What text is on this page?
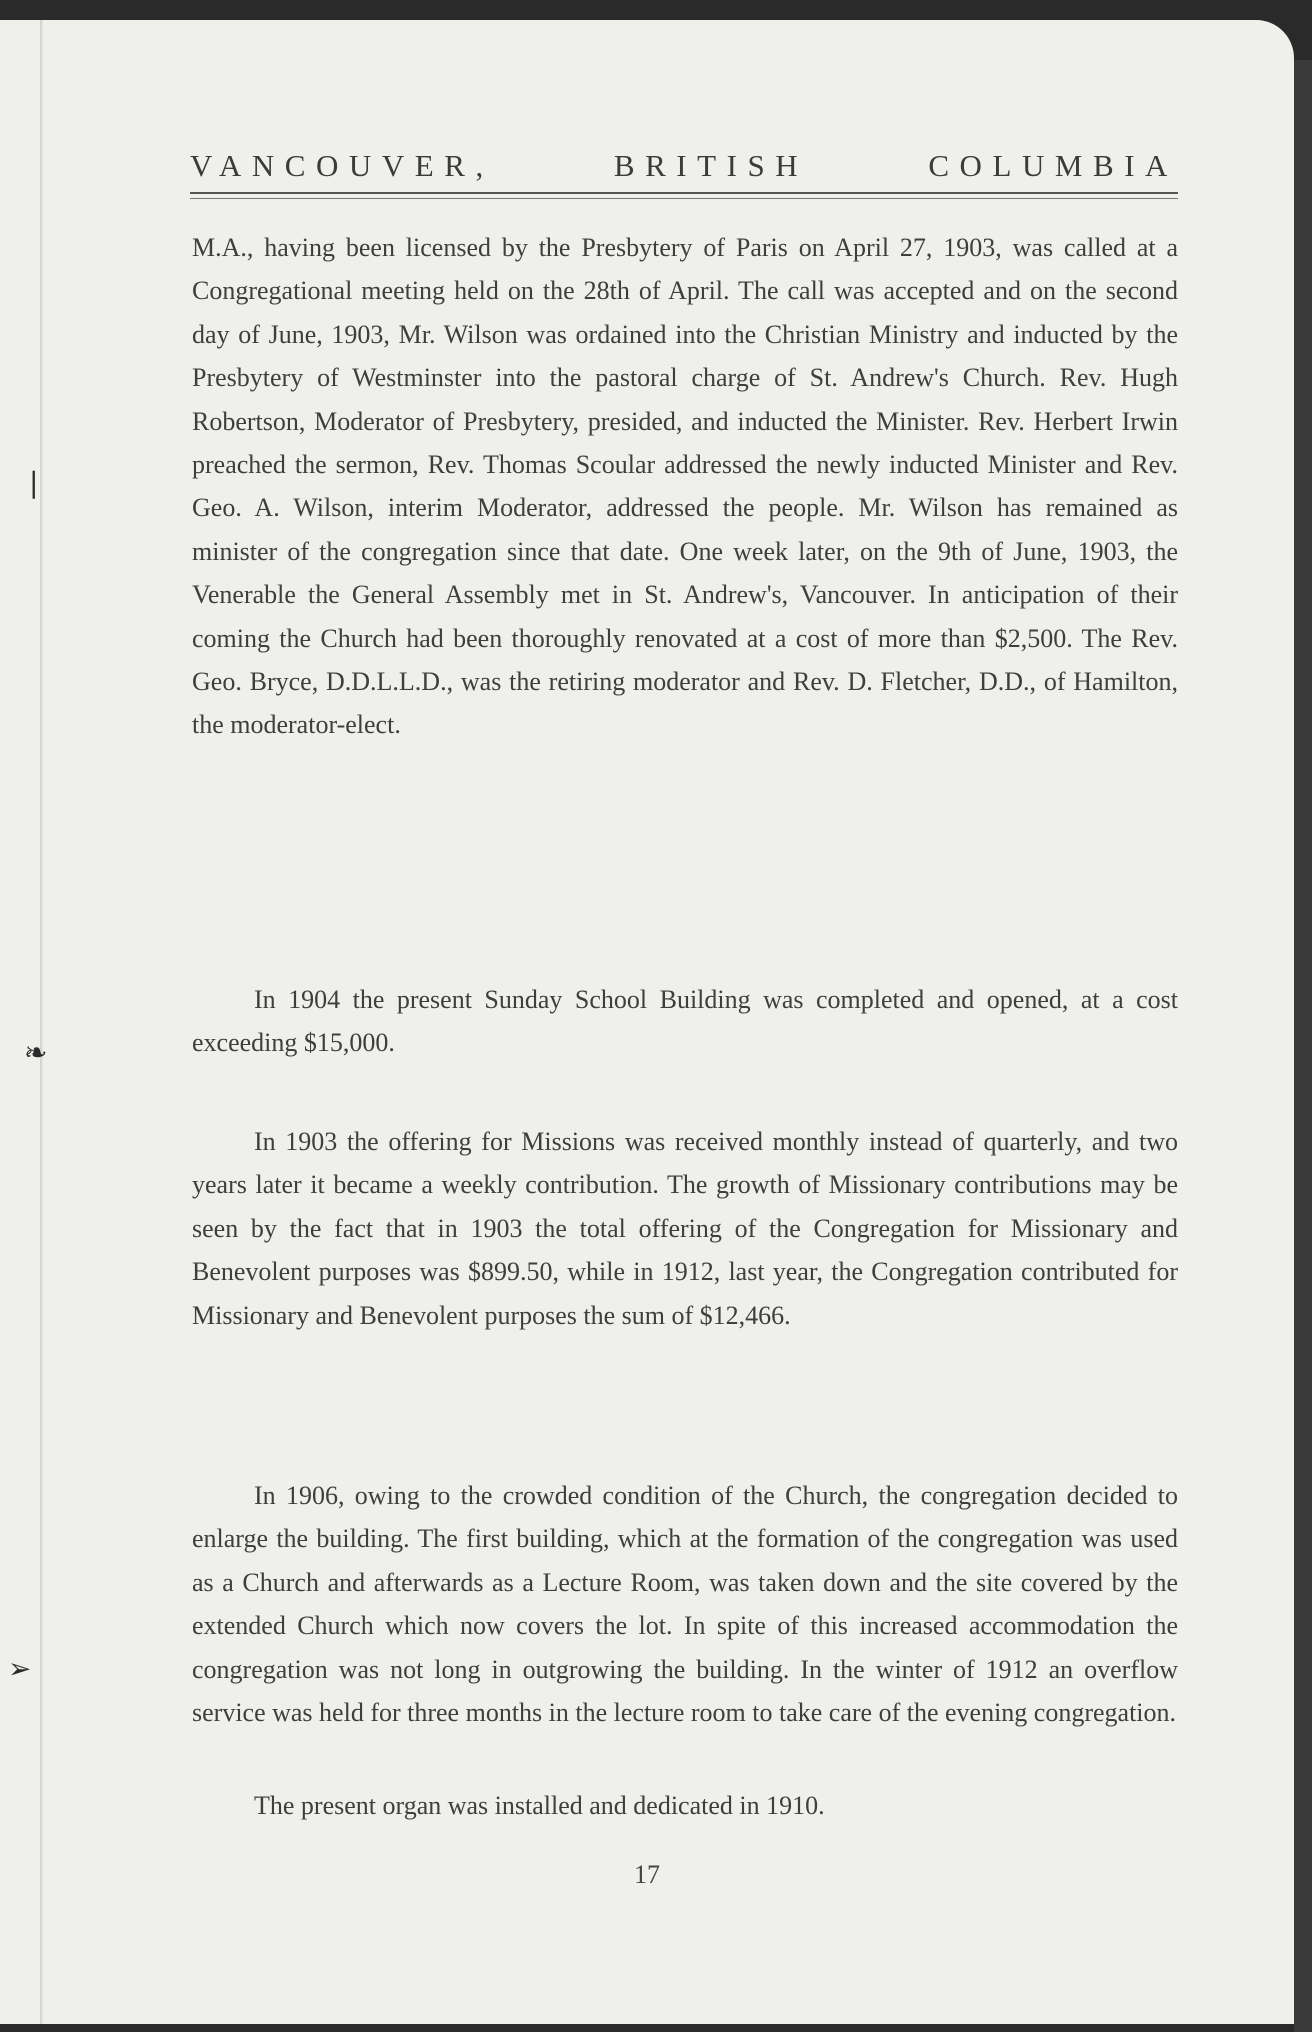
VANCOUVER,	BRITISH	COLUMBIA

M.A., having been licensed by the Presbytery of Paris on April 27, 1903, was called at a Congregational meeting held on the 28th of April. The call was accepted and on the second day of June, 1903, Mr. Wilson was ordained into the Christian Ministry and inducted by the Presbytery of Westminster into the pastoral charge of St. Andrew's Church. Rev. Hugh Robertson, Moderator of Presbytery, presided, and inducted the Minister. Rev. Herbert Irwin preached the sermon, Rev. Thomas Scoular addressed the newly inducted Minister and Rev. Geo. A. Wilson, interim Moderator, addressed the people. Mr. Wilson has remained as minister of the congregation since that date. One week later, on the 9th of June, 1903, the Venerable the General Assembly met in St. Andrew's, Vancouver. In anticipation of their coming the Church had been thoroughly renovated at a cost of more than $2,500. The Rev. Geo. Bryce, D.D.L.L.D., was the retiring moderator and Rev. D. Fletcher, D.D., of Hamilton, the moderator-elect.

In 1904 the present Sunday School Building was completed and opened, at a cost exceeding $15,000.

In 1903 the offering for Missions was received monthly instead of quarterly, and two years later it became a weekly contribution. The growth of Missionary contributions may be seen by the fact that in 1903 the total offering of the Congregation for Missionary and Benevolent purposes was $899.50, while in 1912, last year, the Congregation contributed for Missionary and Benevolent purposes the sum of $12,466.

In 1906, owing to the crowded condition of the Church, the congregation decided to enlarge the building. The first building, which at the formation of the congregation was used as a Church and afterwards as a Lecture Room, was taken down and the site covered by the extended Church which now covers the lot. In spite of this increased accommodation the congregation was not long in outgrowing the building. In the winter of 1912 an overflow service was held for three months in the lecture room to take care of the evening congregation.

The present organ was installed and dedicated in 1910.

17
❘
❧
➢
